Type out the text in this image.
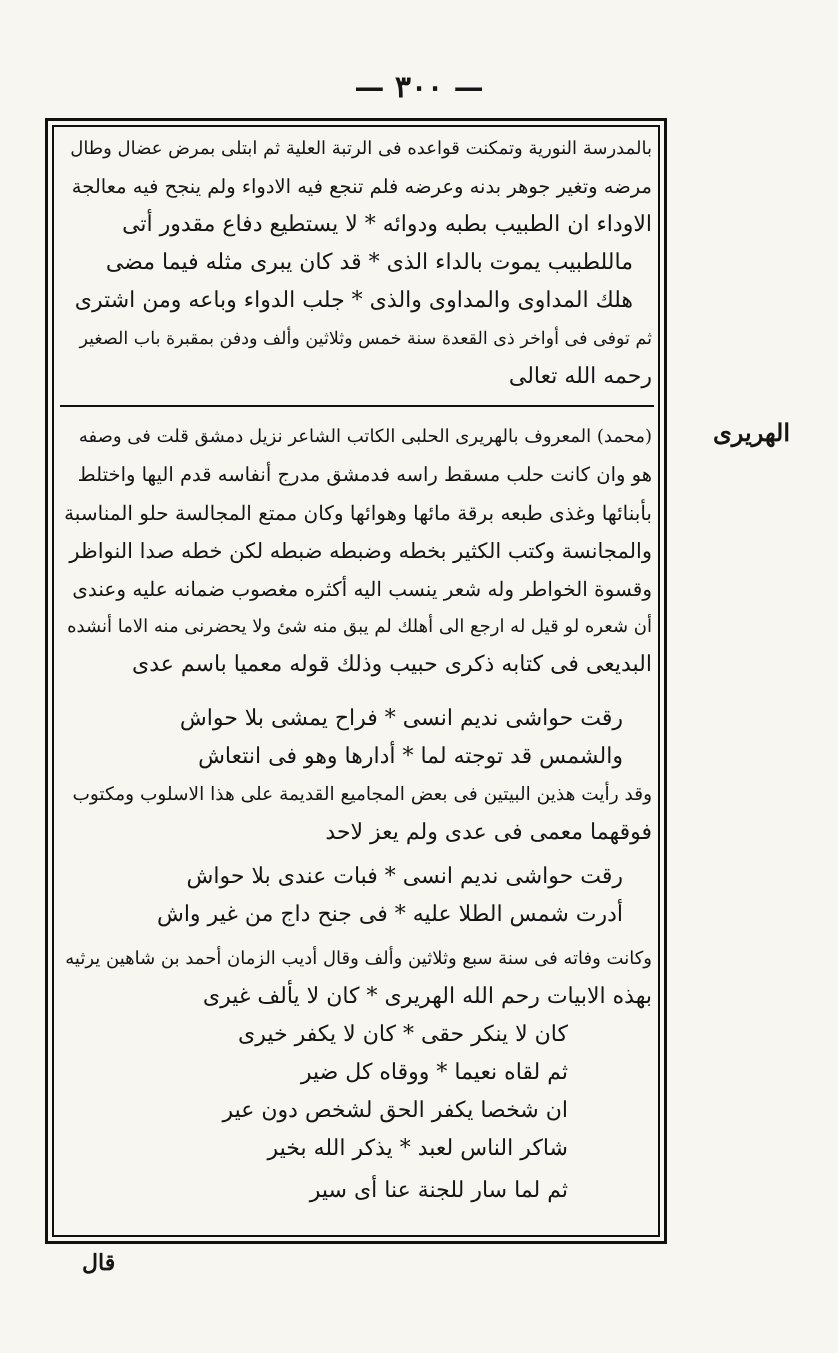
— ٣٠٠ —
بالمدرسة النورية وتمكنت قواعده فى الرتبة العلية ثم ابتلى بمرض عضال وطال
مرضه وتغير جوهر بدنه وعرضه فلم تنجع فيه الادواء ولم ينجح فيه معالجة
الاوداء ان الطبيب بطبه ودوائه * لا يستطيع دفاع مقدور أتى
ماللطبيب يموت بالداء الذى * قد كان يبرى مثله فيما مضى
هلك المداوى والمداوى والذى * جلب الدواء وباعه ومن اشترى
ثم توفى فى أواخر ذى القعدة سنة خمس وثلاثين وألف ودفن بمقبرة باب الصغير
رحمه الله تعالى
الهريرى
(محمد) المعروف بالهريرى الحلبى الكاتب الشاعر نزيل دمشق قلت فى وصفه
هو وان كانت حلب مسقط راسه فدمشق مدرج أنفاسه قدم اليها واختلط
بأبنائها وغذى طبعه برقة مائها وهوائها وكان ممتع المجالسة حلو المناسبة
والمجانسة وكتب الكثير بخطه وضبطه ضبطه لكن خطه صدا النواظر
وقسوة الخواطر وله شعر ينسب اليه أكثره مغصوب ضمانه عليه وعندى
أن شعره لو قيل له ارجع الى أهلك لم يبق منه شئ ولا يحضرنى منه الاما أنشده
البديعى فى كتابه ذكرى حبيب وذلك قوله معميا باسم عدى
رقت حواشى نديم انسى * فراح يمشى بلا حواش
والشمس قد توجته لما * أدارها وهو فى انتعاش
وقد رأيت هذين البيتين فى بعض المجاميع القديمة على هذا الاسلوب ومكتوب
فوقهما معمى فى عدى ولم يعز لاحد
رقت حواشى نديم انسى * فبات عندى بلا حواش
أدرت شمس الطلا عليه * فى جنح داج من غير واش
وكانت وفاته فى سنة سبع وثلاثين وألف وقال أديب الزمان أحمد بن شاهين يرثيه
بهذه الابيات رحم الله الهريرى * كان لا يألف غيرى
كان لا ينكر حقى * كان لا يكفر خيرى
ثم لقاه نعيما * ووقاه كل ضير
ان شخصا يكفر الحق لشخص دون عير
شاكر الناس لعبد * يذكر الله بخير
ثم لما سار للجنة عنا أى سير
قال
